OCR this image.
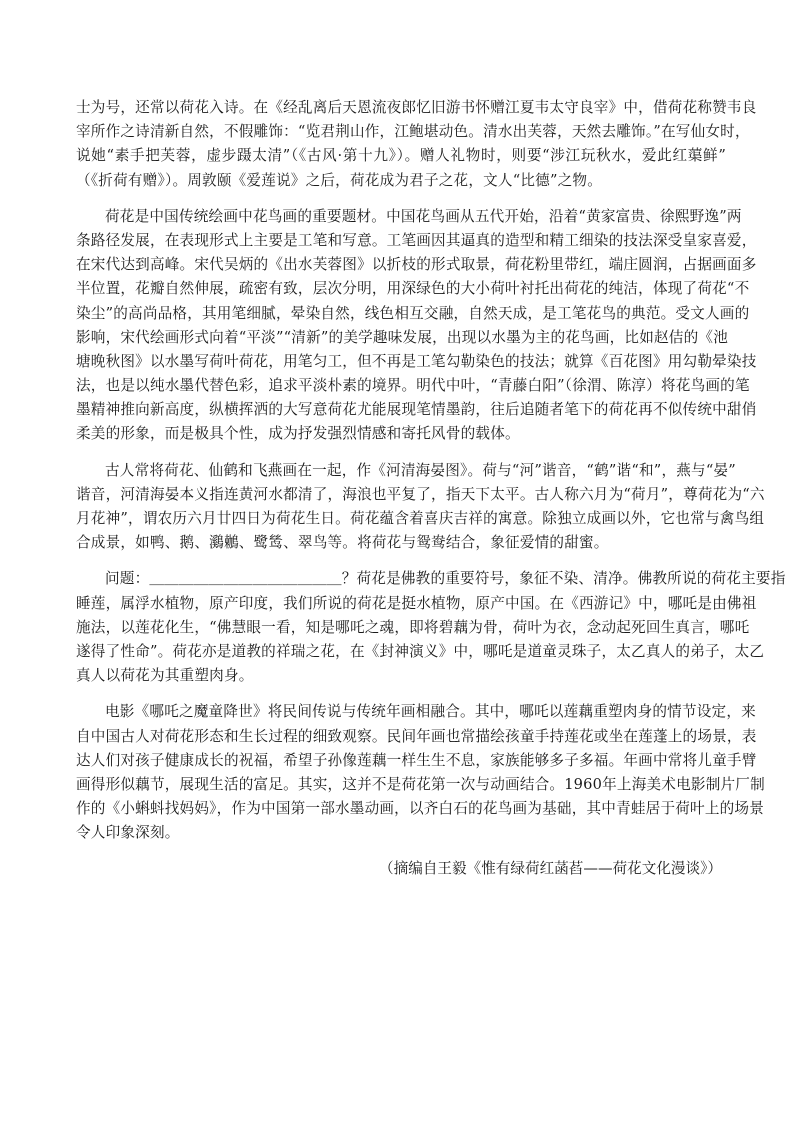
士为号，还常以荷花入诗。在《经乱离后天恩流夜郎忆旧游书怀赠江夏韦太守良宰》中，借荷花称赞韦良
宰所作之诗清新自然，不假雕饰：“览君荆山作，江鲍堪动色。清水出芙蓉，天然去雕饰。”在写仙女时，
说她“素手把芙蓉，虚步蹑太清”（《古风·第十九》）。赠人礼物时，则要“涉江玩秋水，爱此红蕖鲜”
（《折荷有赠》）。周敦颐《爱莲说》之后，荷花成为君子之花，文人“比德”之物。
荷花是中国传统绘画中花鸟画的重要题材。中国花鸟画从五代开始，沿着“黄家富贵、徐熙野逸”两
条路径发展，在表现形式上主要是工笔和写意。工笔画因其逼真的造型和精工细染的技法深受皇家喜爱，
在宋代达到高峰。宋代吴炳的《出水芙蓉图》以折枝的形式取景，荷花粉里带红，端庄圆润，占据画面多
半位置，花瓣自然伸展，疏密有致，层次分明，用深绿色的大小荷叶衬托出荷花的纯洁，体现了荷花“不
染尘”的高尚品格，其用笔细腻，晕染自然，线色相互交融，自然天成，是工笔花鸟的典范。受文人画的
影响，宋代绘画形式向着“平淡”“清新”的美学趣味发展，出现以水墨为主的花鸟画，比如赵佶的《池
塘晚秋图》以水墨写荷叶荷花，用笔匀工，但不再是工笔勾勒染色的技法；就算《百花图》用勾勒晕染技
法，也是以纯水墨代替色彩，追求平淡朴素的境界。明代中叶，“青藤白阳”（徐渭、陈淳）将花鸟画的笔
墨精神推向新高度，纵横挥洒的大写意荷花尤能展现笔情墨韵，往后追随者笔下的荷花再不似传统中甜俏
柔美的形象，而是极具个性，成为抒发强烈情感和寄托风骨的载体。
古人常将荷花、仙鹤和飞燕画在一起，作《河清海晏图》。荷与“河”谐音，“鹤”谐“和”，燕与“晏”
谐音，河清海晏本义指连黄河水都清了，海浪也平复了，指天下太平。古人称六月为“荷月”，尊荷花为“六
月花神”，谓农历六月廿四日为荷花生日。荷花蕴含着喜庆吉祥的寓意。除独立成画以外，它也常与禽鸟组
合成景，如鸭、鹅、鸂鶒、鹭鸶、翠鸟等。将荷花与鸳鸯结合，象征爱情的甜蜜。
问题：＿＿＿＿＿＿＿＿＿＿＿＿＿？荷花是佛教的重要符号，象征不染、清净。佛教所说的荷花主要指
睡莲，属浮水植物，原产印度，我们所说的荷花是挺水植物，原产中国。在《西游记》中，哪吒是由佛祖
施法，以莲花化生，“佛慧眼一看，知是哪吒之魂，即将碧藕为骨，荷叶为衣，念动起死回生真言，哪吒
遂得了性命”。荷花亦是道教的祥瑞之花，在《封神演义》中，哪吒是道童灵珠子，太乙真人的弟子，太乙
真人以荷花为其重塑肉身。
电影《哪吒之魔童降世》将民间传说与传统年画相融合。其中，哪吒以莲藕重塑肉身的情节设定，来
自中国古人对荷花形态和生长过程的细致观察。民间年画也常描绘孩童手持莲花或坐在莲蓬上的场景，表
达人们对孩子健康成长的祝福，希望子孙像莲藕一样生生不息，家族能够多子多福。年画中常将儿童手臂
画得形似藕节，展现生活的富足。其实，这并不是荷花第一次与动画结合。1960年上海美术电影制片厂制
作的《小蝌蚪找妈妈》，作为中国第一部水墨动画，以齐白石的花鸟画为基础，其中青蛙居于荷叶上的场景
令人印象深刻。
（摘编自王毅《惟有绿荷红菡萏——荷花文化漫谈》）
